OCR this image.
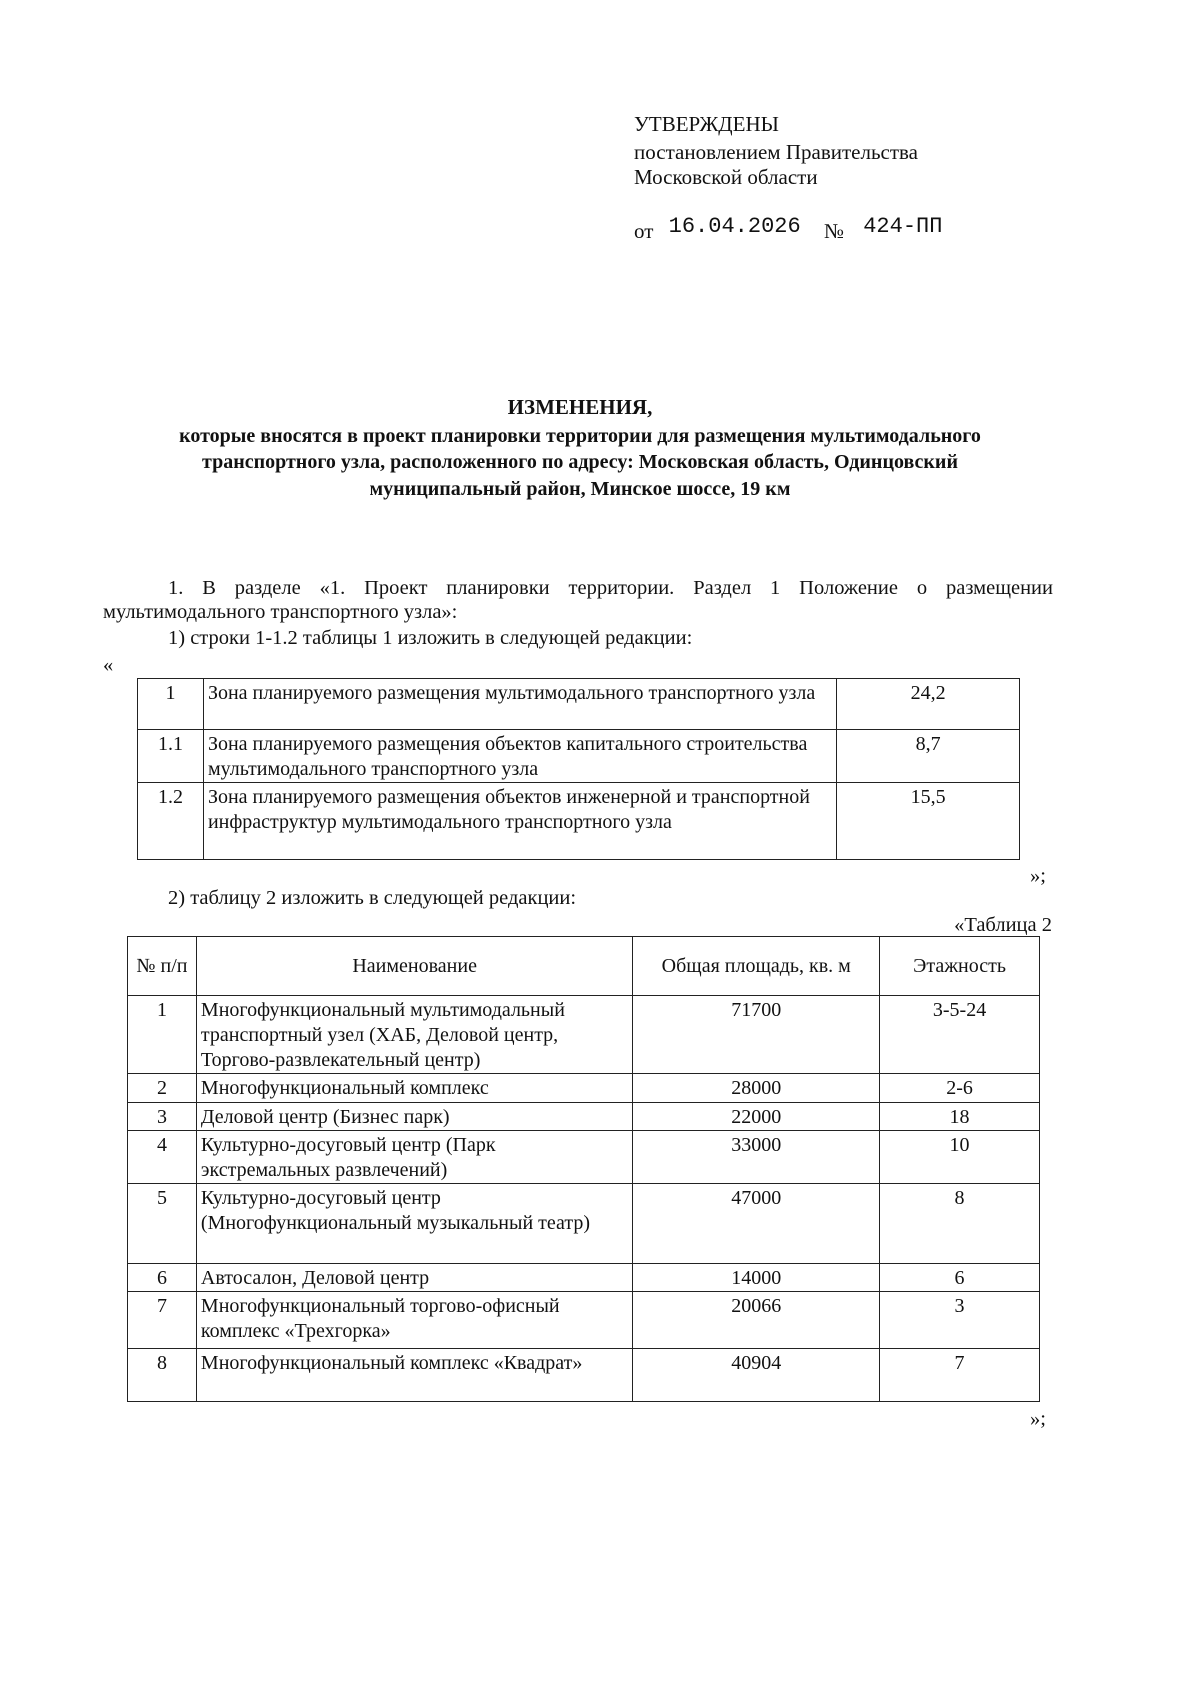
УТВЕРЖДЕНЫ
постановлением Правительства
Московской области
от 16.04.2026 № 424-ПП
ИЗМЕНЕНИЯ,
которые вносятся в проект планировки территории для размещения мультимодального
транспортного узла, расположенного по адресу: Московская область, Одинцовский
муниципальный район, Минское шоссе, 19 км
1. В разделе «1. Проект планировки территории. Раздел 1 Положение о размещении
мультимодального транспортного узла»:
1) строки 1-1.2 таблицы 1 изложить в следующей редакции:
«
1	Зона планируемого размещения мультимодального транспортного узла	24,2
1.1	Зона планируемого размещения объектов капитального строительства мультимодального транспортного узла	8,7
1.2	Зона планируемого размещения объектов инженерной и транспортной инфраструктур мультимодального транспортного узла	15,5
»;
2) таблицу 2 изложить в следующей редакции:
«Таблица 2
№ п/п	Наименование	Общая площадь, кв. м	Этажность
1	Многофункциональный мультимодальный транспортный узел (ХАБ, Деловой центр, Торгово-развлекательный центр)	71700	3-5-24
2	Многофункциональный комплекс	28000	2-6
3	Деловой центр (Бизнес парк)	22000	18
4	Культурно-досуговый центр (Парк экстремальных развлечений)	33000	10
5	Культурно-досуговый центр (Многофункциональный музыкальный театр)	47000	8
6	Автосалон, Деловой центр	14000	6
7	Многофункциональный торгово-офисный комплекс «Трехгорка»	20066	3
8	Многофункциональный комплекс «Квадрат»	40904	7
»;
